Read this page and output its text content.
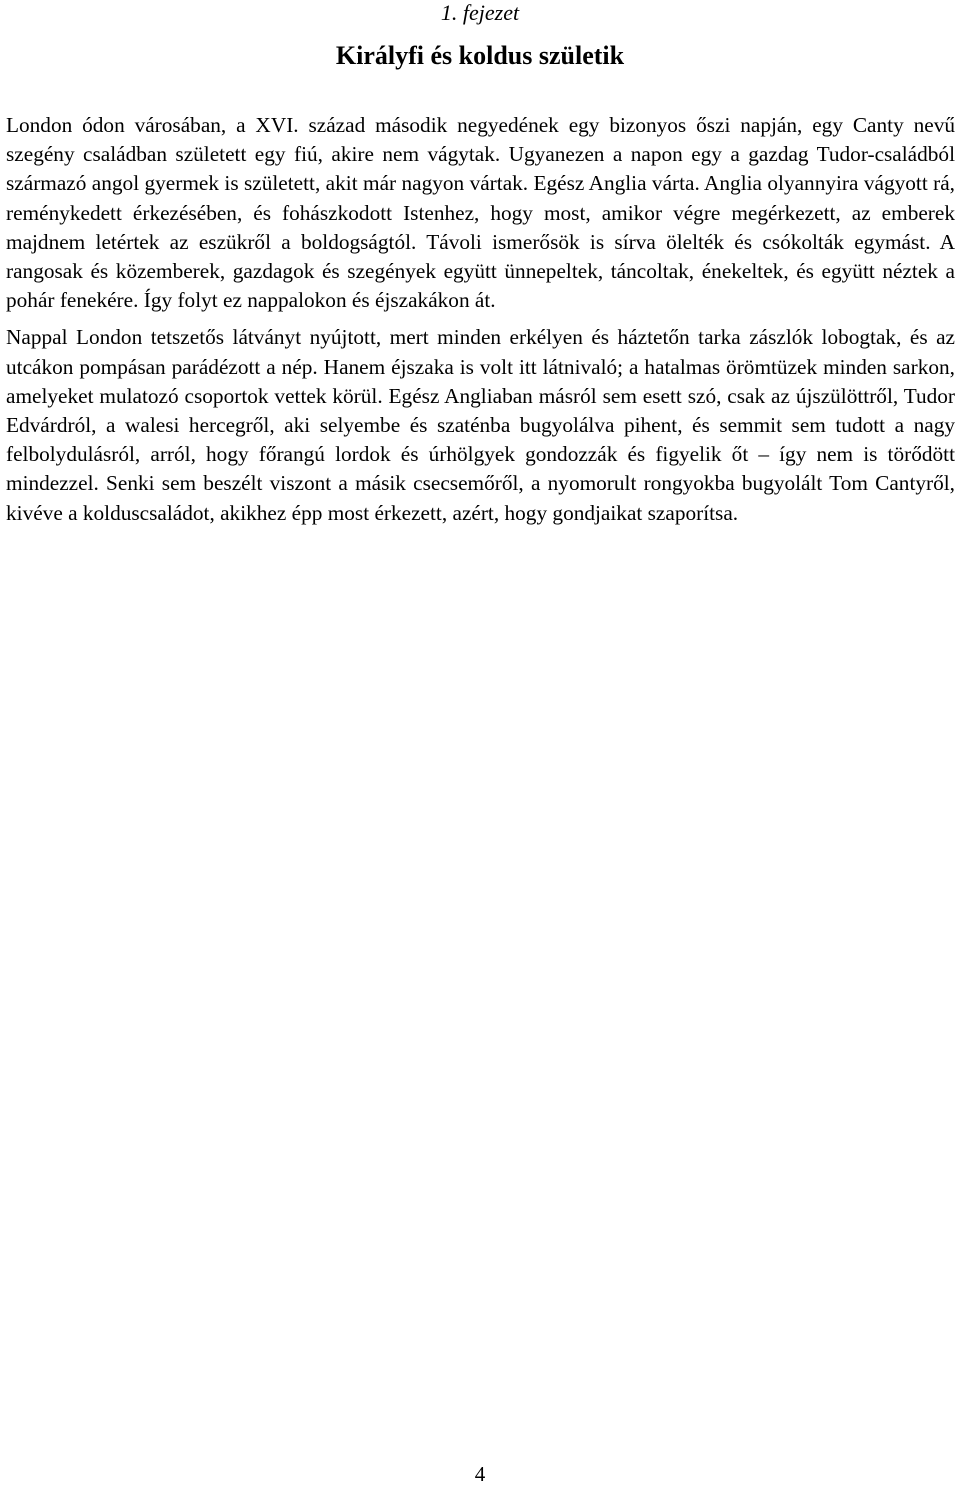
1. fejezet
Királyfi és koldus születik

London ódon városában, a XVI. század második negyedének egy bizonyos őszi napján, egy Canty nevű szegény családban született egy fiú, akire nem vágytak. Ugyanezen a napon egy a gazdag Tudor-családból származó angol gyermek is született, akit már nagyon vártak. Egész Anglia várta. Anglia olyannyira vágyott rá, reménykedett érkezésében, és fohászkodott Istenhez, hogy most, amikor végre megérkezett, az emberek majdnem letértek az eszükről a boldogságtól. Távoli ismerősök is sírva ölelték és csókolták egymást. A rangosak és közemberek, gazdagok és szegények együtt ünnepeltek, táncoltak, énekeltek, és együtt néztek a pohár fenekére. Így folyt ez nappalokon és éjszakákon át.

Nappal London tetszetős látványt nyújtott, mert minden erkélyen és háztetőn tarka zászlók lobogtak, és az utcákon pompásan parádézott a nép. Hanem éjszaka is volt itt látnivaló; a hatalmas örömtüzek minden sarkon, amelyeket mulatozó csoportok vettek körül. Egész Angliaban másról sem esett szó, csak az újszülöttről, Tudor Edvárdról, a walesi hercegről, aki selyembe és szaténba bugyolálva pihent, és semmit sem tudott a nagy felbolydulásról, arról, hogy főrangú lordok és úrhölgyek gondozzák és figyelik őt – így nem is törődött mindezzel. Senki sem beszélt viszont a másik csecsemőről, a nyomorult rongyokba bugyolált Tom Cantyről, kivéve a kolduscsaládot, akikhez épp most érkezett, azért, hogy gondjaikat szaporítsa.

4
